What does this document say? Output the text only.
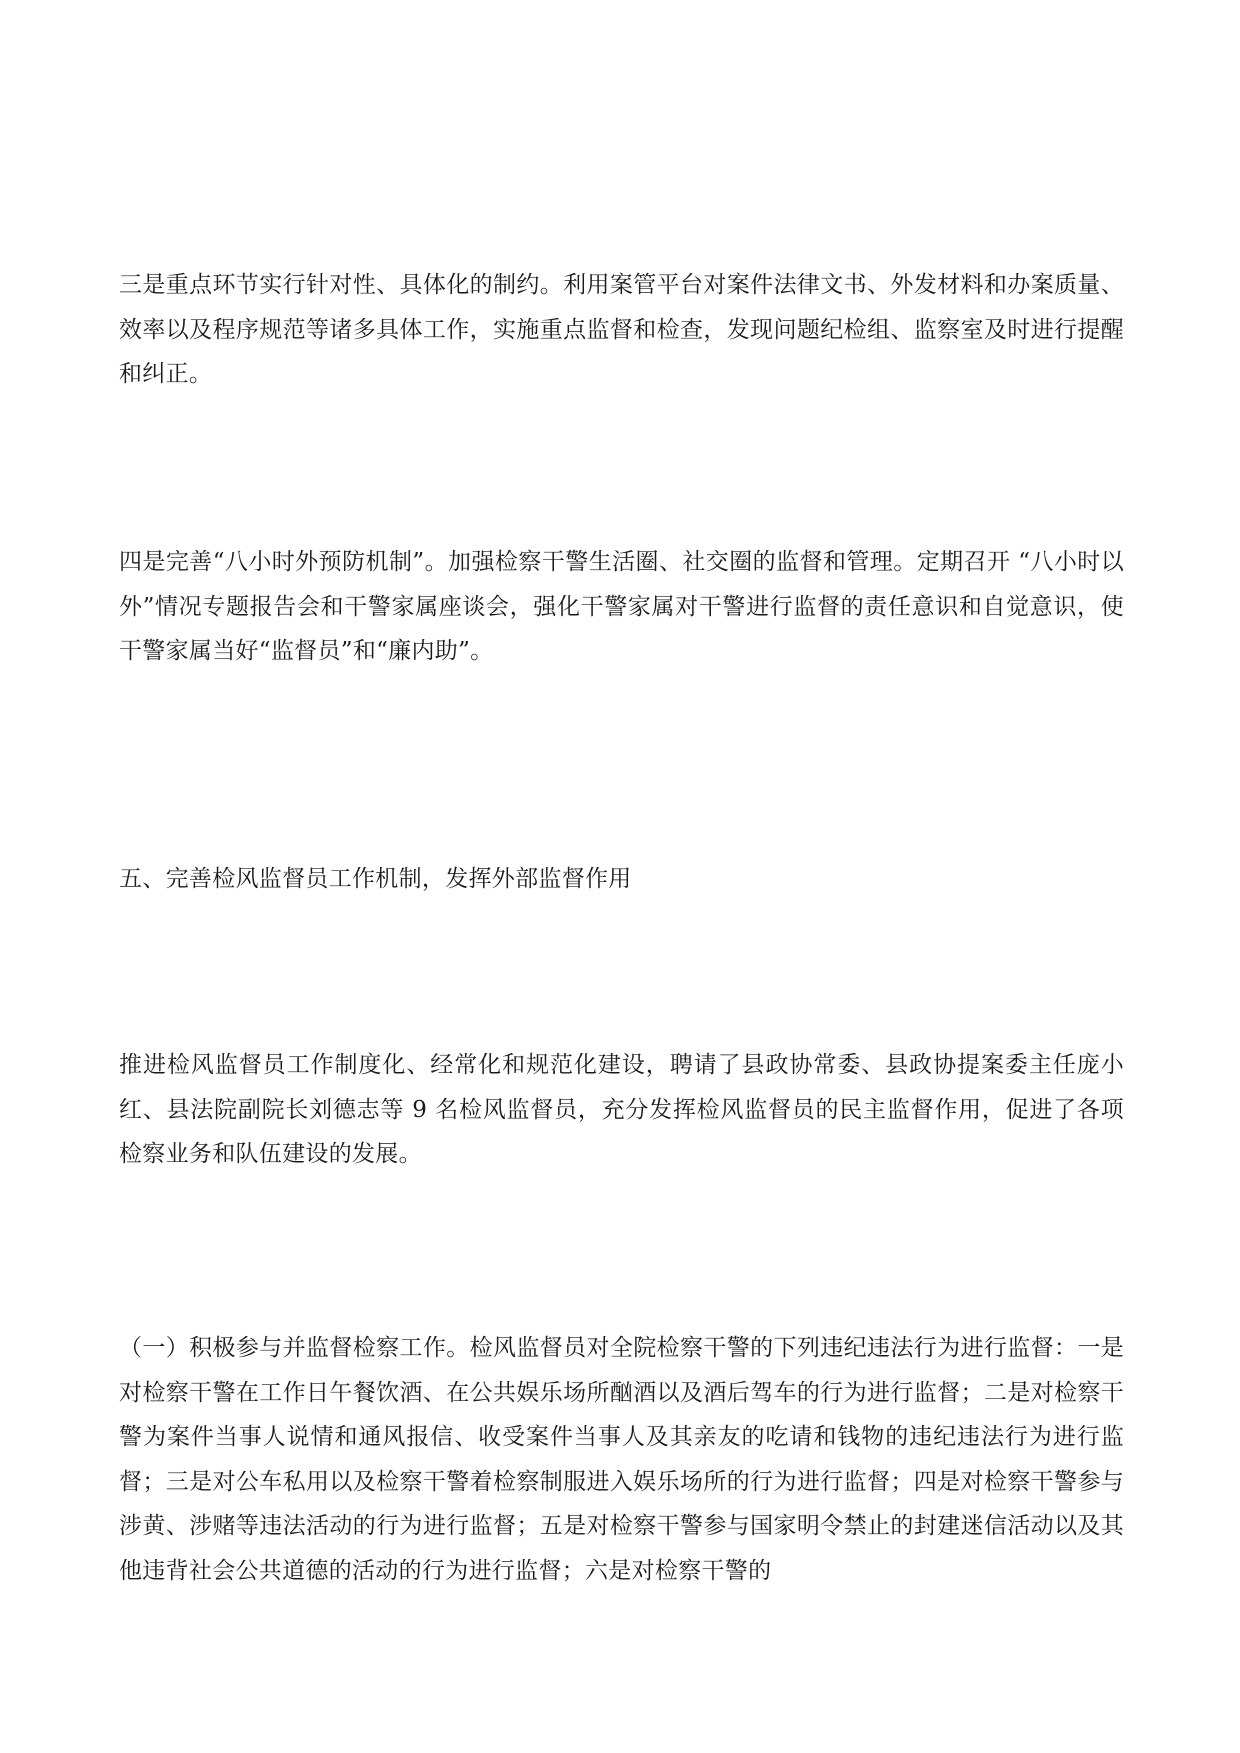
三是重点环节实行针对性、具体化的制约。利用案管平台对案件法律文书、外发材料和办案质量、效率以及程序规范等诸多具体工作，实施重点监督和检查，发现问题纪检组、监察室及时进行提醒和纠正。

四是完善“八小时外预防机制”。加强检察干警生活圈、社交圈的监督和管理。定期召开 “八小时以外”情况专题报告会和干警家属座谈会，强化干警家属对干警进行监督的责任意识和自觉意识，使干警家属当好“监督员”和“廉内助”。

五、完善检风监督员工作机制，发挥外部监督作用

推进检风监督员工作制度化、经常化和规范化建设，聘请了县政协常委、县政协提案委主任庞小红、县法院副院长刘德志等 9 名检风监督员，充分发挥检风监督员的民主监督作用，促进了各项检察业务和队伍建设的发展。

（一）积极参与并监督检察工作。检风监督员对全院检察干警的下列违纪违法行为进行监督：一是对检察干警在工作日午餐饮酒、在公共娱乐场所酗酒以及酒后驾车的行为进行监督；二是对检察干警为案件当事人说情和通风报信、收受案件当事人及其亲友的吃请和钱物的违纪违法行为进行监督；三是对公车私用以及检察干警着检察制服进入娱乐场所的行为进行监督；四是对检察干警参与涉黄、涉赌等违法活动的行为进行监督；五是对检察干警参与国家明令禁止的封建迷信活动以及其他违背社会公共道德的活动的行为进行监督；六是对检察干警的
